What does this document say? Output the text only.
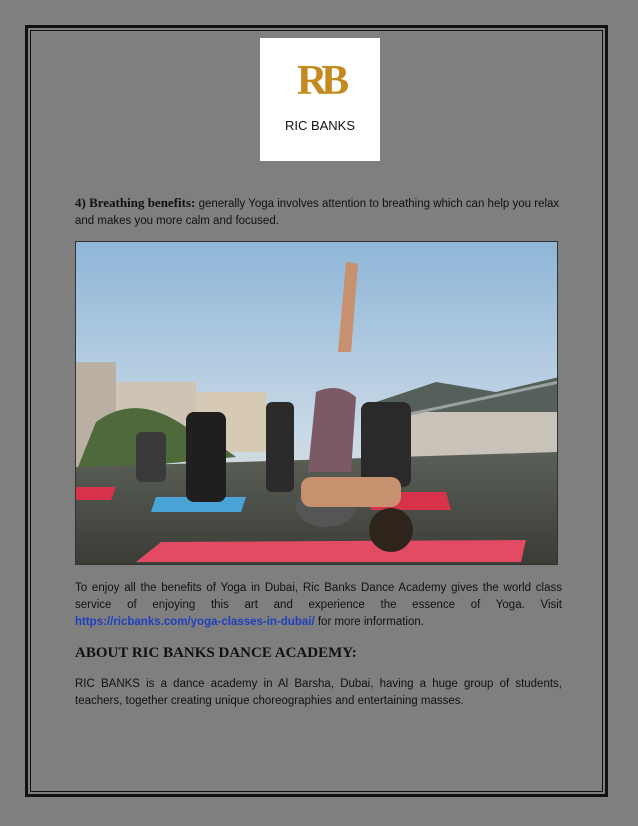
RB
RIC BANKS
4) Breathing benefits: generally Yoga involves attention to breathing which can help you relax and makes you more calm and focused.
To enjoy all the benefits of Yoga in Dubai, Ric Banks Dance Academy gives the world class service of enjoying this art and experience the essence of Yoga. Visit https://ricbanks.com/yoga-classes-in-dubai/ for more information.
ABOUT RIC BANKS DANCE ACADEMY:
RIC BANKS is a dance academy in Al Barsha, Dubai, having a huge group of students, teachers, together creating unique choreographies and entertaining masses.
